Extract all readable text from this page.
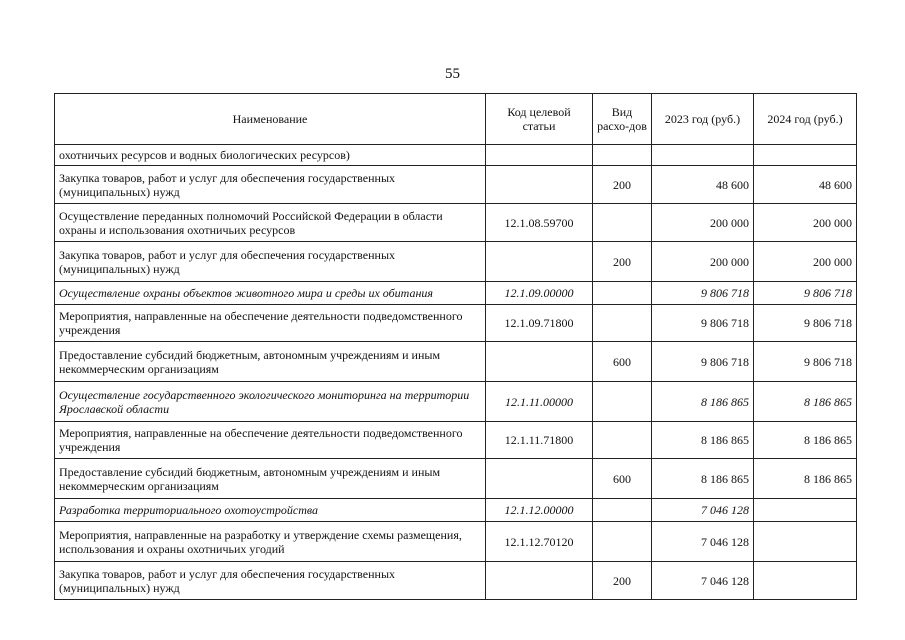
55
Наименование	Код целевой статьи	Вид расхо-дов	2023 год (руб.)	2024 год (руб.)
охотничьих ресурсов и водных биологических ресурсов)				
Закупка товаров, работ и услуг для обеспечения государственных (муниципальных) нужд		200	48 600	48 600
Осуществление переданных полномочий Российской Федерации в области охраны и использования охотничьих ресурсов	12.1.08.59700		200 000	200 000
Закупка товаров, работ и услуг для обеспечения государственных (муниципальных) нужд		200	200 000	200 000
Осуществление охраны объектов животного мира и среды их обитания	12.1.09.00000		9 806 718	9 806 718
Мероприятия, направленные на обеспечение деятельности подведомственного учреждения	12.1.09.71800		9 806 718	9 806 718
Предоставление субсидий бюджетным, автономным учреждениям и иным некоммерческим организациям		600	9 806 718	9 806 718
Осуществление государственного экологического мониторинга на территории Ярославской области	12.1.11.00000		8 186 865	8 186 865
Мероприятия, направленные на обеспечение деятельности подведомственного учреждения	12.1.11.71800		8 186 865	8 186 865
Предоставление субсидий бюджетным, автономным учреждениям и иным некоммерческим организациям		600	8 186 865	8 186 865
Разработка территориального охотоустройства	12.1.12.00000		7 046 128	
Мероприятия, направленные на разработку и утверждение схемы размещения, использования и охраны охотничьих угодий	12.1.12.70120		7 046 128	
Закупка товаров, работ и услуг для обеспечения государственных (муниципальных) нужд		200	7 046 128	
